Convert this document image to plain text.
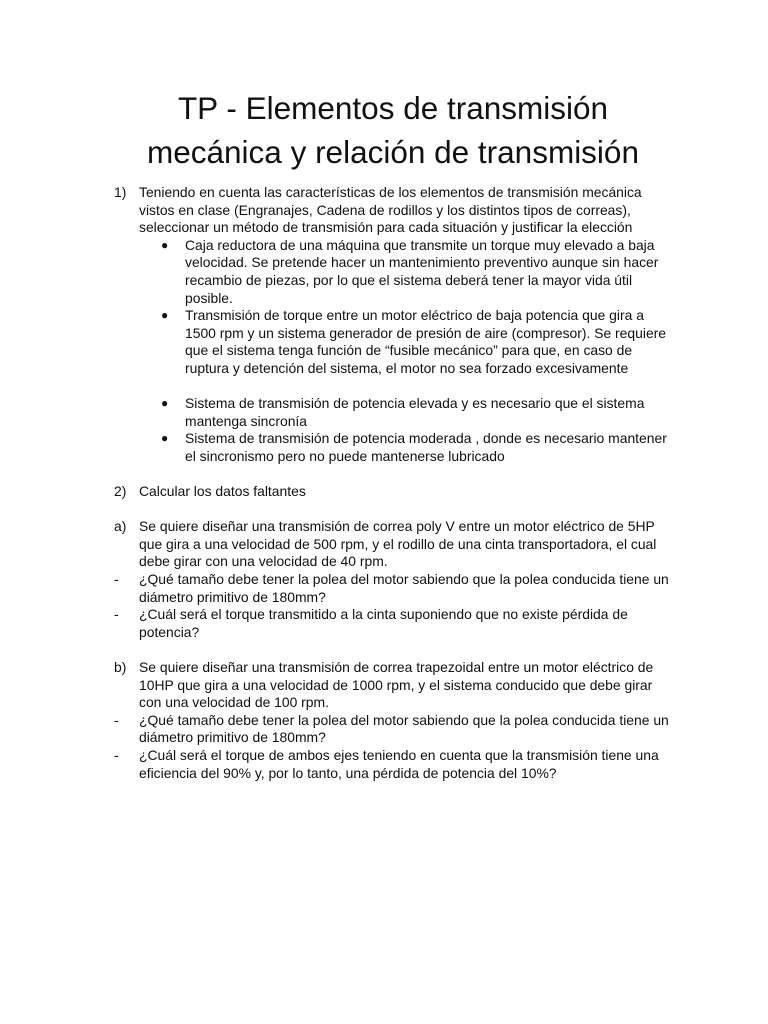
TP - Elementos de transmisión mecánica y relación de transmisión
1) Teniendo en cuenta las características de los elementos de transmisión mecánica vistos en clase (Engranajes, Cadena de rodillos y los distintos tipos de correas), seleccionar un método de transmisión para cada situación y justificar la elección
● Caja reductora de una máquina que transmite un torque muy elevado a baja velocidad. Se pretende hacer un mantenimiento preventivo aunque sin hacer recambio de piezas, por lo que el sistema deberá tener la mayor vida útil posible.
● Transmisión de torque entre un motor eléctrico de baja potencia que gira a 1500 rpm y un sistema generador de presión de aire (compresor). Se requiere que el sistema tenga función de “fusible mecánico” para que, en caso de ruptura y detención del sistema, el motor no sea forzado excesivamente
● Sistema de transmisión de potencia elevada y es necesario que el sistema mantenga sincronía
● Sistema de transmisión de potencia moderada , donde es necesario mantener el sincronismo pero no puede mantenerse lubricado
2) Calcular los datos faltantes
a) Se quiere diseñar una transmisión de correa poly V entre un motor eléctrico de 5HP que gira a una velocidad de 500 rpm, y el rodillo de una cinta transportadora, el cual debe girar con una velocidad de 40 rpm.
- ¿Qué tamaño debe tener la polea del motor sabiendo que la polea conducida tiene un diámetro primitivo de 180mm?
- ¿Cuál será el torque transmitido a la cinta suponiendo que no existe pérdida de potencia?
b) Se quiere diseñar una transmisión de correa trapezoidal entre un motor eléctrico de 10HP que gira a una velocidad de 1000 rpm, y el sistema conducido que debe girar con una velocidad de 100 rpm.
- ¿Qué tamaño debe tener la polea del motor sabiendo que la polea conducida tiene un diámetro primitivo de 180mm?
- ¿Cuál será el torque de ambos ejes teniendo en cuenta que la transmisión tiene una eficiencia del 90% y, por lo tanto, una pérdida de potencia del 10%?
